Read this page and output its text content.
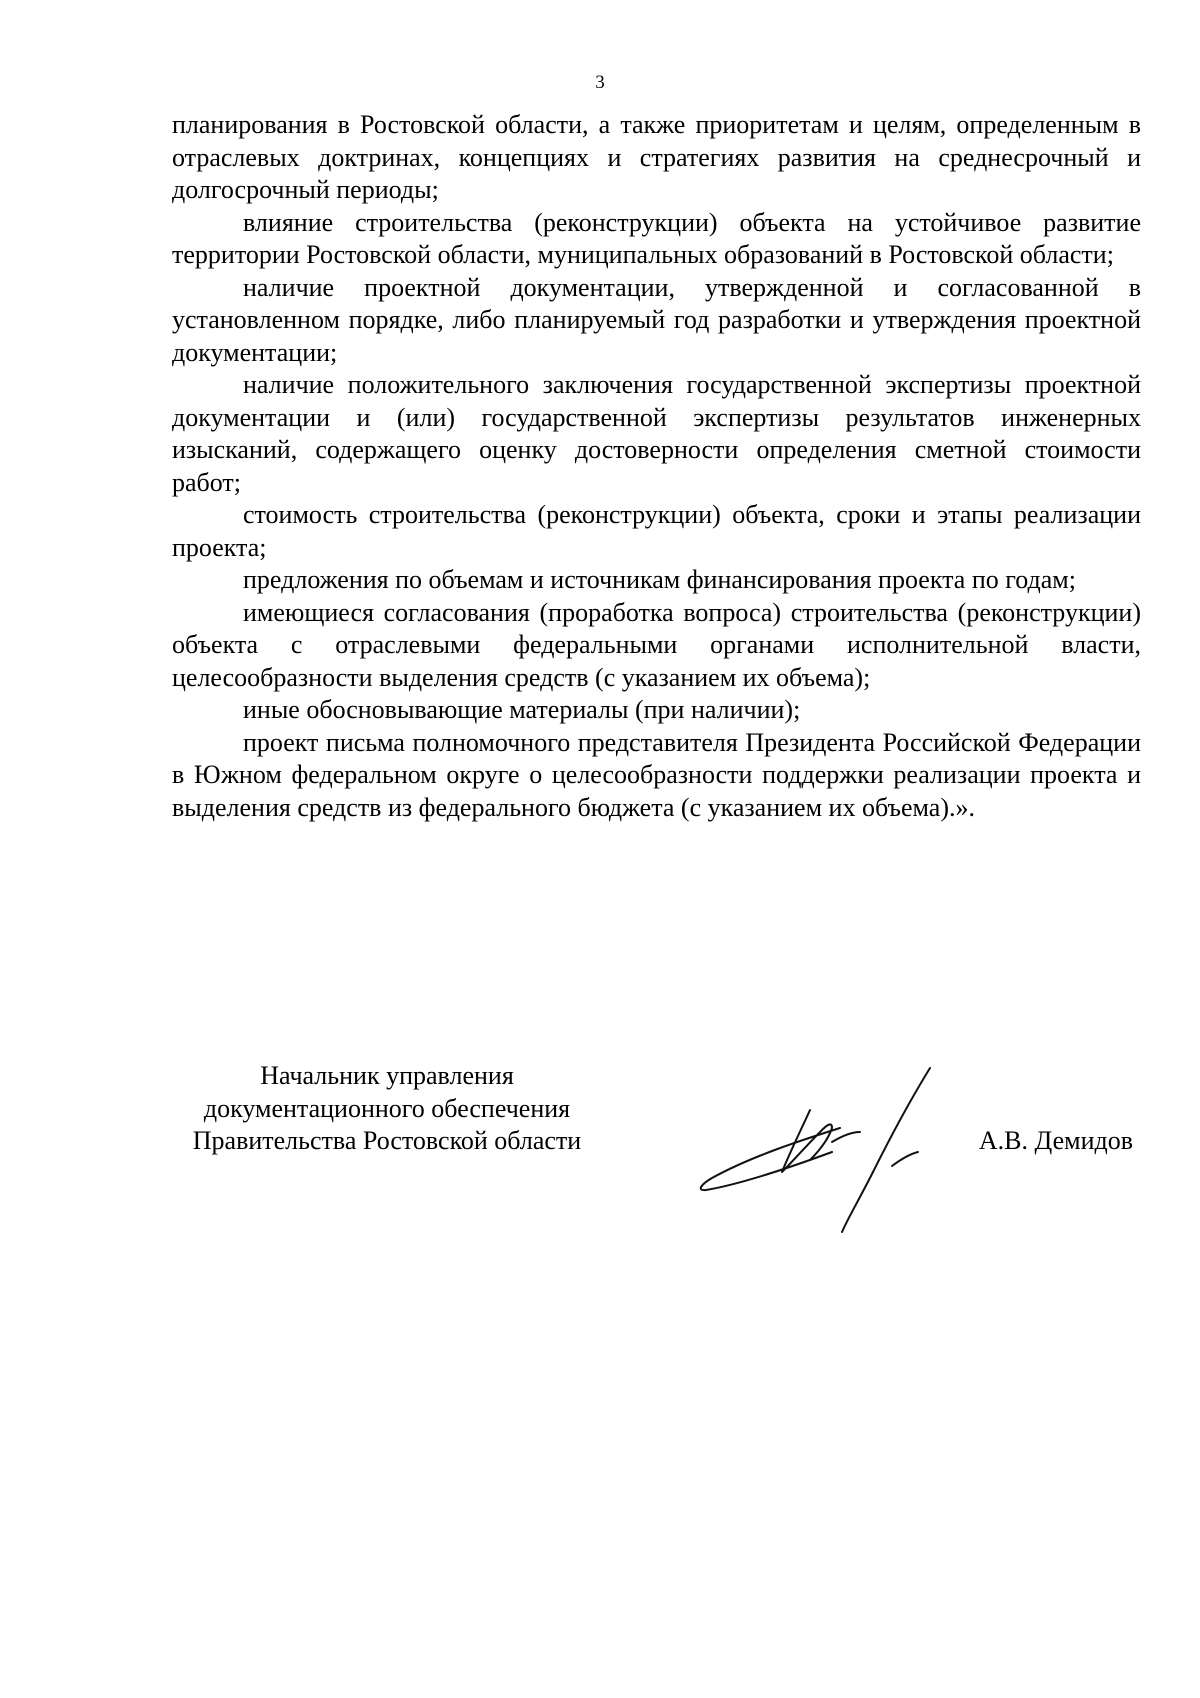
3

планирования в Ростовской области, а также приоритетам и целям, определенным в отраслевых доктринах, концепциях и стратегиях развития на среднесрочный и долгосрочный периоды;

влияние строительства (реконструкции) объекта на устойчивое развитие территории Ростовской области, муниципальных образований в Ростовской области;

наличие проектной документации, утвержденной и согласованной в установленном порядке, либо планируемый год разработки и утверждения проектной документации;

наличие положительного заключения государственной экспертизы проектной документации и (или) государственной экспертизы результатов инженерных изысканий, содержащего оценку достоверности определения сметной стоимости работ;

стоимость строительства (реконструкции) объекта, сроки и этапы реализации проекта;

предложения по объемам и источникам финансирования проекта по годам;

имеющиеся согласования (проработка вопроса) строительства (реконструкции) объекта с отраслевыми федеральными органами исполнительной власти, целесообразности выделения средств (с указанием их объема);

иные обосновывающие материалы (при наличии);

проект письма полномочного представителя Президента Российской Федерации в Южном федеральном округе о целесообразности поддержки реализации проекта и выделения средств из федерального бюджета (с указанием их объема).».

Начальник управления
документационного обеспечения
Правительства Ростовской области	А.В. Демидов
